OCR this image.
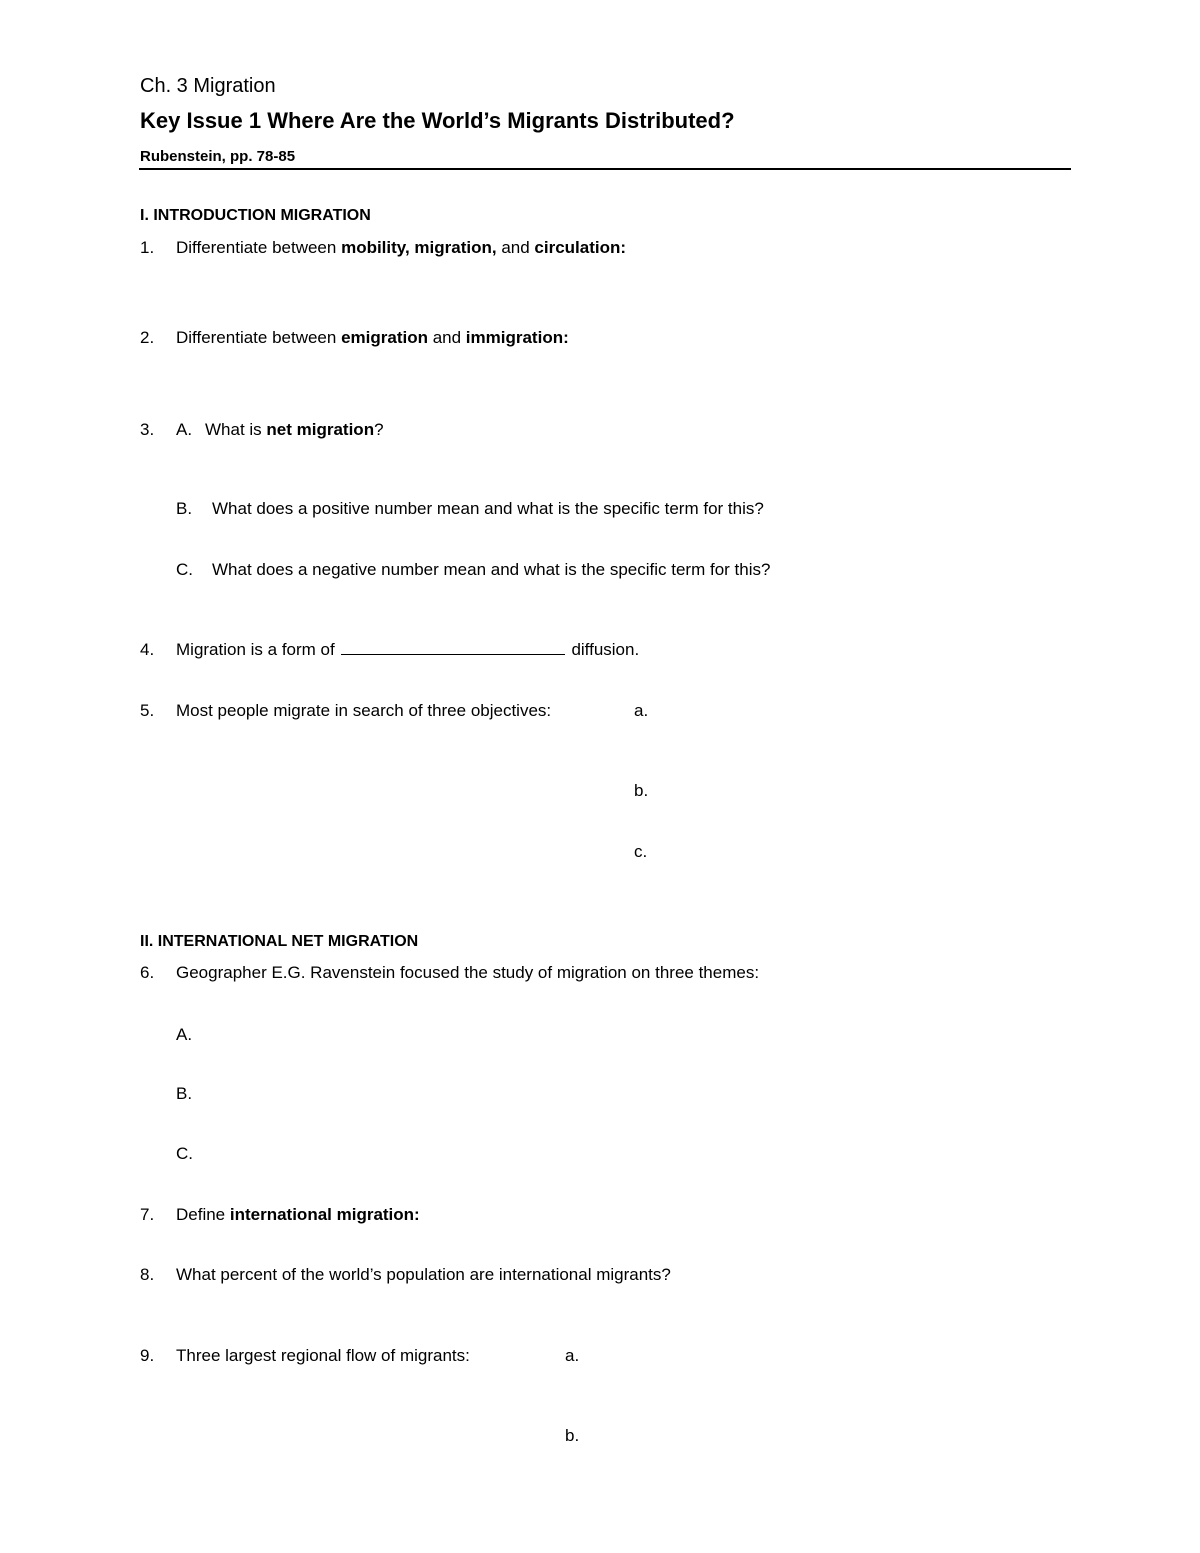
Ch. 3 Migration
Key Issue 1 Where Are the World’s Migrants Distributed?
Rubenstein, pp. 78-85
I. INTRODUCTION MIGRATION
1. Differentiate between mobility, migration, and circulation:
2. Differentiate between emigration and immigration:
3. A. What is net migration?
B. What does a positive number mean and what is the specific term for this?
C. What does a negative number mean and what is the specific term for this?
4. Migration is a form of	diffusion.
5. Most people migrate in search of three objectives:	a.
b.
c.
II. INTERNATIONAL NET MIGRATION
6. Geographer E.G. Ravenstein focused the study of migration on three themes:
A.
B.
C.
7. Define international migration:
8. What percent of the world’s population are international migrants?
9. Three largest regional flow of migrants:	a.
b.
